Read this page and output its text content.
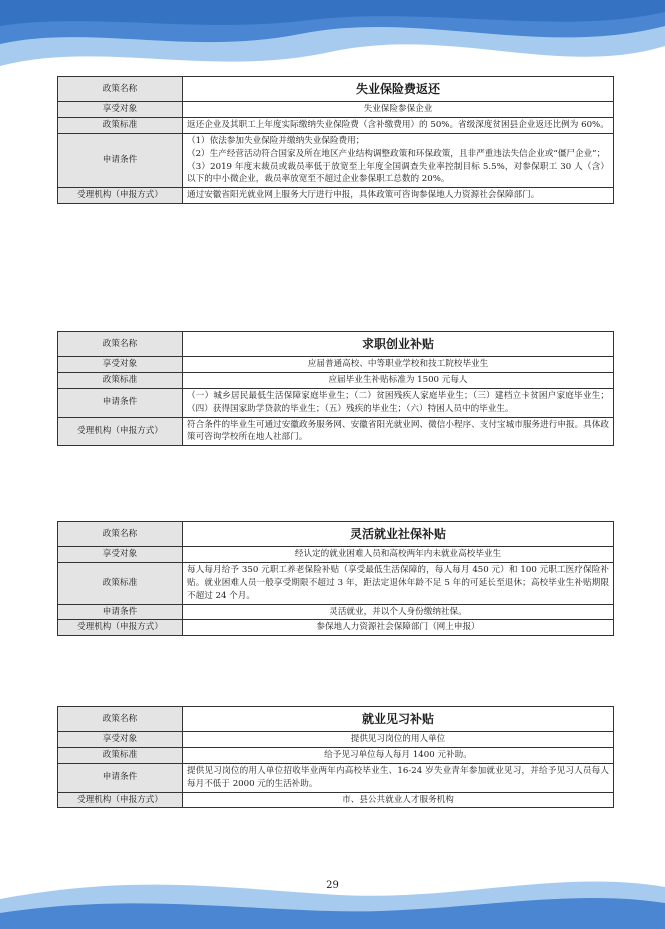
政策名称	失业保险费返还
享受对象	失业保险参保企业
政策标准	返还企业及其职工上年度实际缴纳失业保险费（含补缴费用）的 50%。省级深度贫困县企业返还比例为 60%。
申请条件	（1）依法参加失业保险并缴纳失业保险费用；
（2）生产经营活动符合国家及所在地区产业结构调整政策和环保政策，且非严重违法失信企业或“僵尸企业”；
（3）2019 年度末裁员或裁员率低于放宽至上年度全国调查失业率控制目标 5.5%，对参保职工 30 人（含）以下的中小微企业，裁员率放宽至不超过企业参保职工总数的 20%。

受理机构（申报方式）	通过安徽省阳光就业网上服务大厅进行申报，具体政策可咨询参保地人力资源社会保障部门。
政策名称	求职创业补贴
享受对象	应届普通高校、中等职业学校和技工院校毕业生
政策标准	应届毕业生补贴标准为 1500 元每人
申请条件	（一）城乡居民最低生活保障家庭毕业生；（二）贫困残疾人家庭毕业生；（三）建档立卡贫困户家庭毕业生；（四）获得国家助学贷款的毕业生；（五）残疾的毕业生；（六）特困人员中的毕业生。

受理机构（申报方式）	符合条件的毕业生可通过安徽政务服务网、安徽省阳光就业网、微信小程序、支付宝城市服务进行申报。具体政策可咨询学校所在地人社部门。
政策名称	灵活就业社保补贴
享受对象	经认定的就业困难人员和高校两年内未就业高校毕业生
政策标准	每人每月给予 350 元职工养老保险补贴（享受最低生活保障的，每人每月 450 元）和 100 元职工医疗保险补贴。就业困难人员一般享受期限不超过 3 年，距法定退休年龄不足 5 年的可延长至退休；高校毕业生补贴期限不超过 24 个月。
申请条件	灵活就业，并以个人身份缴纳社保。

受理机构（申报方式）	参保地人力资源社会保障部门（网上申报）
政策名称	就业见习补贴
享受对象	提供见习岗位的用人单位
政策标准	给予见习单位每人每月 1400 元补助。
申请条件	提供见习岗位的用人单位招收毕业两年内高校毕业生、16-24 岁失业青年参加就业见习，并给予见习人员每人每月不低于 2000 元的生活补助。

受理机构（申报方式）	市、县公共就业人才服务机构
29
